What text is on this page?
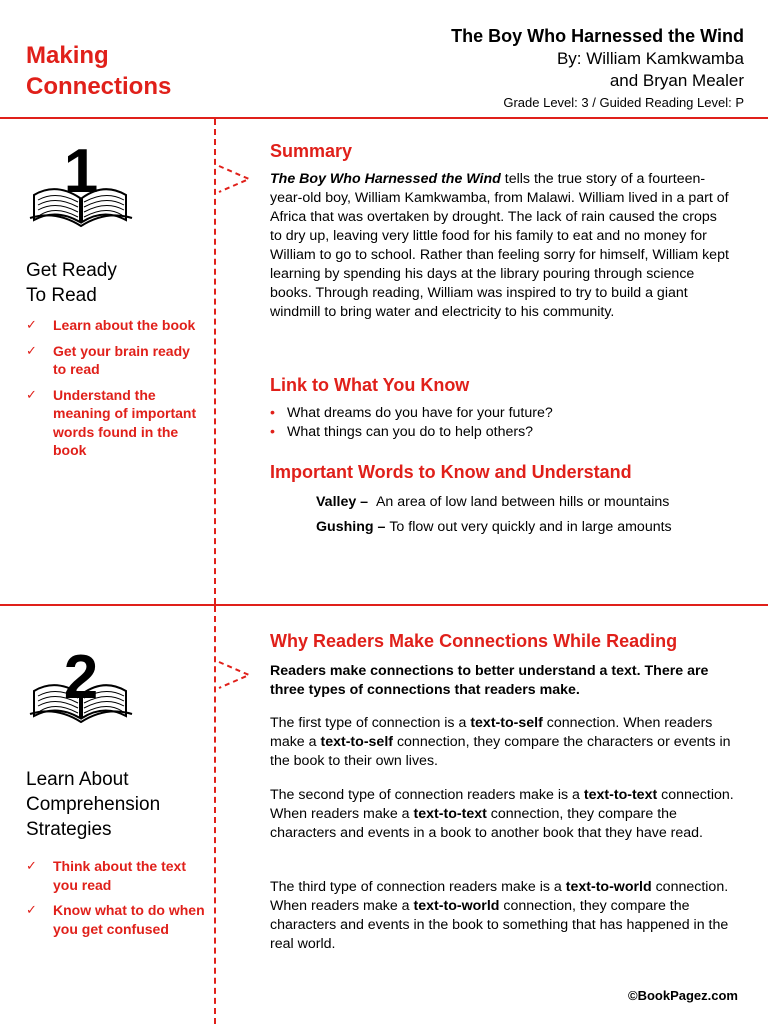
Making
Connections
The Boy Who Harnessed the Wind
By: William Kamkwamba
and Bryan Mealer
Grade Level: 3 / Guided Reading Level: P
1
Get Ready
To Read
✓ Learn about the book
✓ Get your brain ready to read
✓ Understand the meaning of important words found in the book
Summary

The Boy Who Harnessed the Wind tells the true story of a fourteen-year-old boy, William Kamkwamba, from Malawi. William lived in a part of Africa that was overtaken by drought. The lack of rain caused the crops to dry up, leaving very little food for his family to eat and no money for William to go to school. Rather than feeling sorry for himself, William kept learning by spending his days at the library pouring through science books. Through reading, William was inspired to try to build a giant windmill to bring water and electricity to his community.

Link to What You Know
• What dreams do you have for your future?
• What things can you do to help others?
Important Words to Know and Understand
Valley – An area of low land between hills or mountains
Gushing – To flow out very quickly and in large amounts
2
Learn About
Comprehension
Strategies
✓ Think about the text you read
✓ Know what to do when you get confused
Why Readers Make Connections While Reading

Readers make connections to better understand a text. There are three types of connections that readers make.

The first type of connection is a text-to-self connection. When readers make a text-to-self connection, they compare the characters or events in the book to their own lives.

The second type of connection readers make is a text-to-text connection. When readers make a text-to-text connection, they compare the characters and events in a book to another book that they have read.

The third type of connection readers make is a text-to-world connection. When readers make a text-to-world connection, they compare the characters and events in the book to something that has happened in the real world.

©BookPagez.com
